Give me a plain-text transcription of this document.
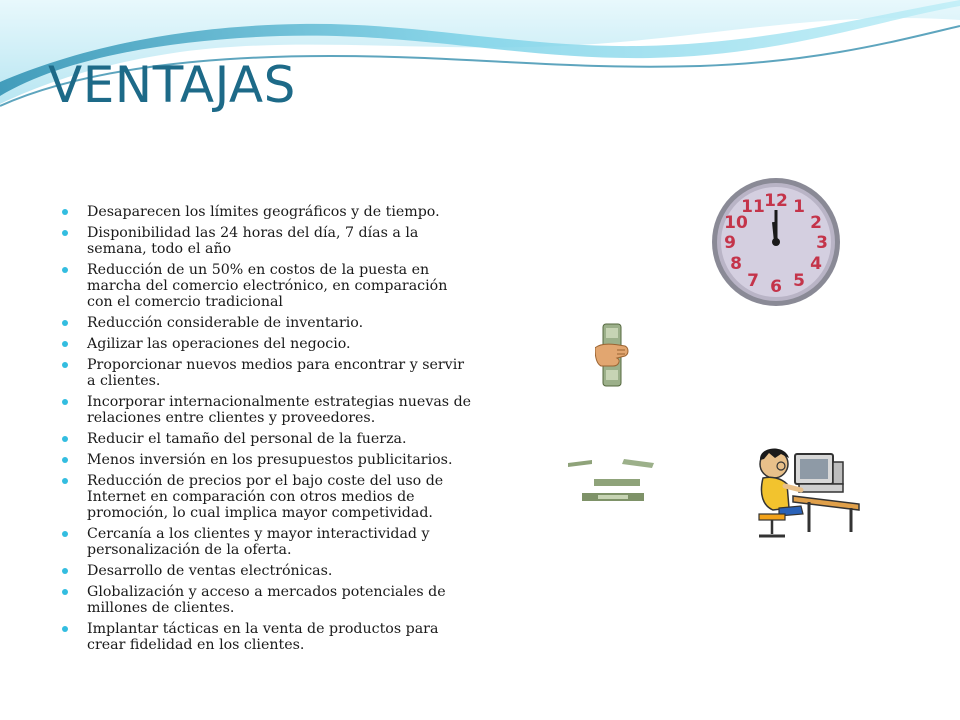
VENTAJAS
Desaparecen los límites geográficos y de tiempo.
Disponibilidad las 24 horas del día, 7 días a la semana, todo el año
Reducción de un 50% en costos de la puesta en marcha del comercio electrónico, en comparación con el comercio tradicional
Reducción considerable de inventario.
Agilizar las operaciones del negocio.
Proporcionar nuevos medios para encontrar y servir a clientes.
Incorporar internacionalmente estrategias nuevas de relaciones entre clientes y proveedores.
Reducir el tamaño del personal de la fuerza.
Menos inversión en los presupuestos publicitarios.
Reducción de precios por el bajo coste del uso de Internet en comparación con otros medios de promoción, lo cual implica mayor competividad.
Cercanía a los clientes y mayor interactividad y personalización de la oferta.
Desarrollo de ventas electrónicas.
Globalización y acceso a mercados potenciales de millones de clientes.
Implantar tácticas en la venta de productos para crear fidelidad en los clientes.
12 1
2
3
4
5
6
7
8
9
10
11
